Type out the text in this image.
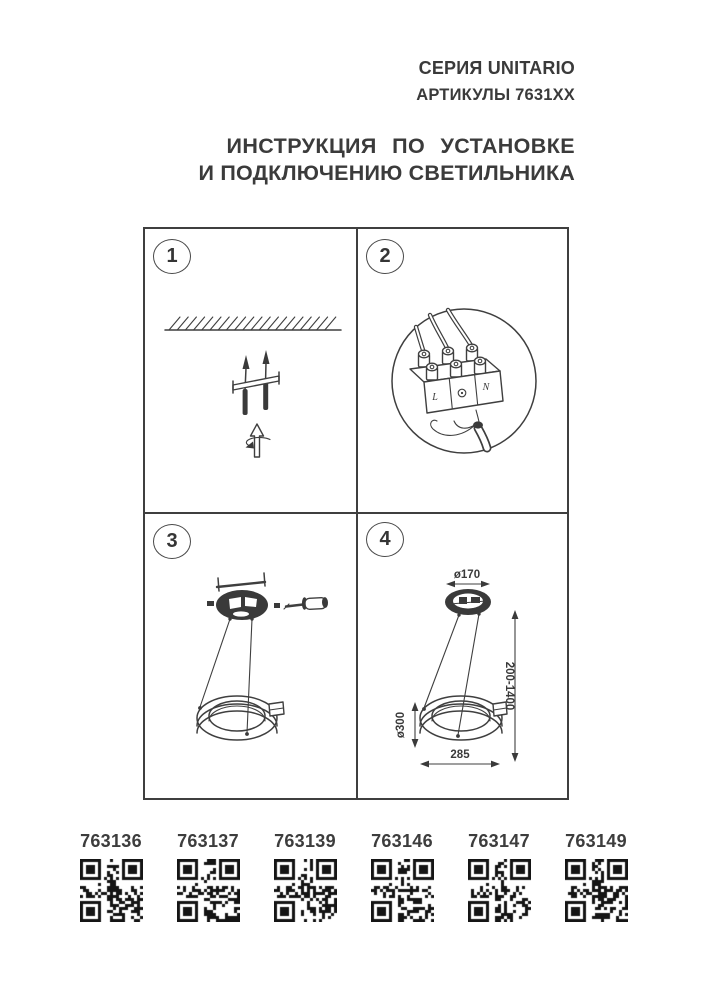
СЕРИЯ UNITARIO
АРТИКУЛЫ 7631XX
ИНСТРУКЦИЯ ПО УСТАНОВКЕ
И ПОДКЛЮЧЕНИЮ СВЕТИЛЬНИКА
1	2
3	4
L
N
ø170
200-1400
ø300
285
763136 763137 763139 763146 763147 763149
